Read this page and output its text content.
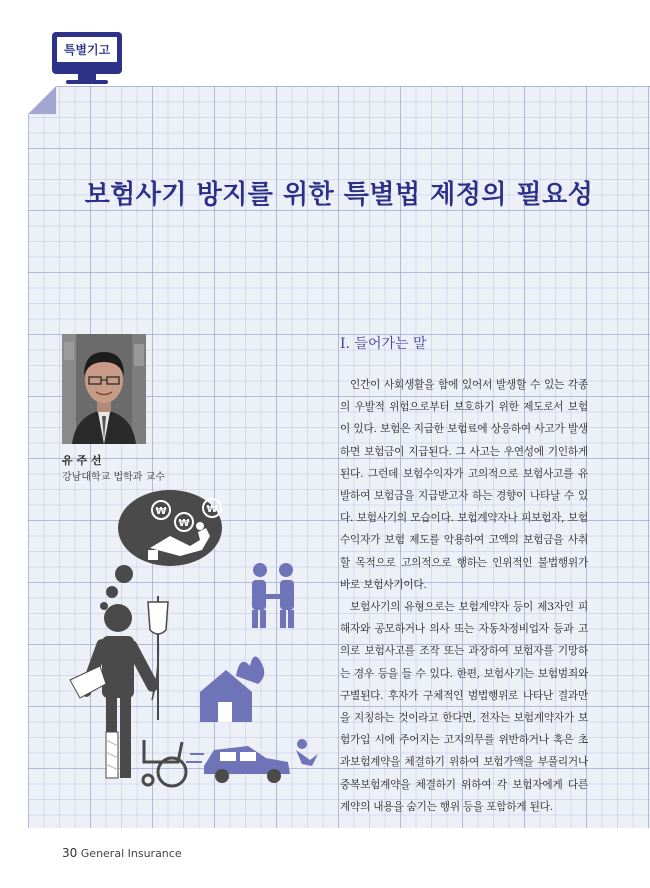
특별기고
보험사기 방지를 위한 특별법 제정의 필요성
유 주 선
강남대학교 법학과 교수
I. 들어가는 말

인간이 사회생활을 함에 있어서 발생할 수 있는 각종의 우발적 위험으로부터 보호하기 위한 제도로서 보험이 있다. 보험은 지급한 보험료에 상응하여 사고가 발생하면 보험금이 지급된다. 그 사고는 우연성에 기인하게 된다. 그런데 보험수익자가 고의적으로 보험사고를 유발하여 보험금을 지급받고자 하는 경향이 나타날 수 있다. 보험사기의 모습이다. 보험계약자나 피보험자, 보험수익자가 보험 제도를 악용하여 고액의 보험금을 사취할 목적으로 고의적으로 행하는 인위적인 불법행위가 바로 보험사기이다.

보험사기의 유형으로는 보험계약자 등이 제3자인 피해자와 공모하거나 의사 또는 자동차정비업자 등과 고의로 보험사고를 조작 또는 과장하여 보험자를 기망하는 경우 등을 들 수 있다. 한편, 보험사기는 보험범죄와 구별된다. 후자가 구체적인 범법행위로 나타난 결과만을 지칭하는 것이라고 한다면, 전자는 보험계약자가 보험가입 시에 주어지는 고지의무를 위반하거나 혹은 초과보험계약을 체결하기 위하여 보험가액을 부풀리거나 중복보험계약을 체결하기 위하여 각 보험자에게 다른 계약의 내용을 숨기는 행위 등을 포함하게 된다.

₩
₩
₩
30 General Insurance
